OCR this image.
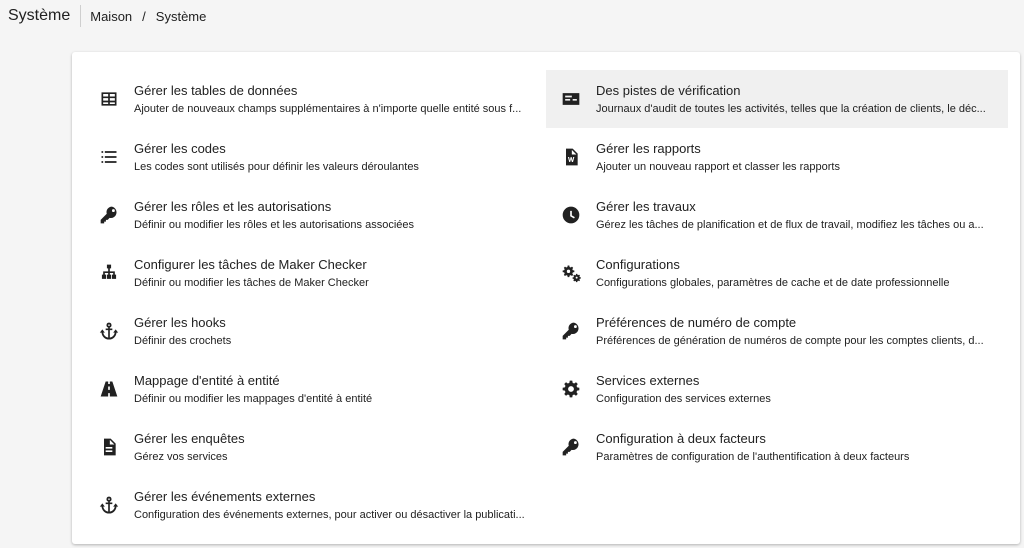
Système	Maison / Système
Gérer les tables de données
Ajouter de nouveaux champs supplémentaires à n'importe quelle entité sous f...
Gérer les codes
Les codes sont utilisés pour définir les valeurs déroulantes
Gérer les rôles et les autorisations
Définir ou modifier les rôles et les autorisations associées
Configurer les tâches de Maker Checker
Définir ou modifier les tâches de Maker Checker
Gérer les hooks
Définir des crochets
Mappage d'entité à entité
Définir ou modifier les mappages d'entité à entité
Gérer les enquêtes
Gérez vos services
Gérer les événements externes
Configuration des événements externes, pour activer ou désactiver la publicati...
Des pistes de vérification
Journaux d'audit de toutes les activités, telles que la création de clients, le déc...
Gérer les rapports
Ajouter un nouveau rapport et classer les rapports
Gérer les travaux
Gérez les tâches de planification et de flux de travail, modifiez les tâches ou a...
Configurations
Configurations globales, paramètres de cache et de date professionnelle
Préférences de numéro de compte
Préférences de génération de numéros de compte pour les comptes clients, d...
Services externes
Configuration des services externes
Configuration à deux facteurs
Paramètres de configuration de l'authentification à deux facteurs
